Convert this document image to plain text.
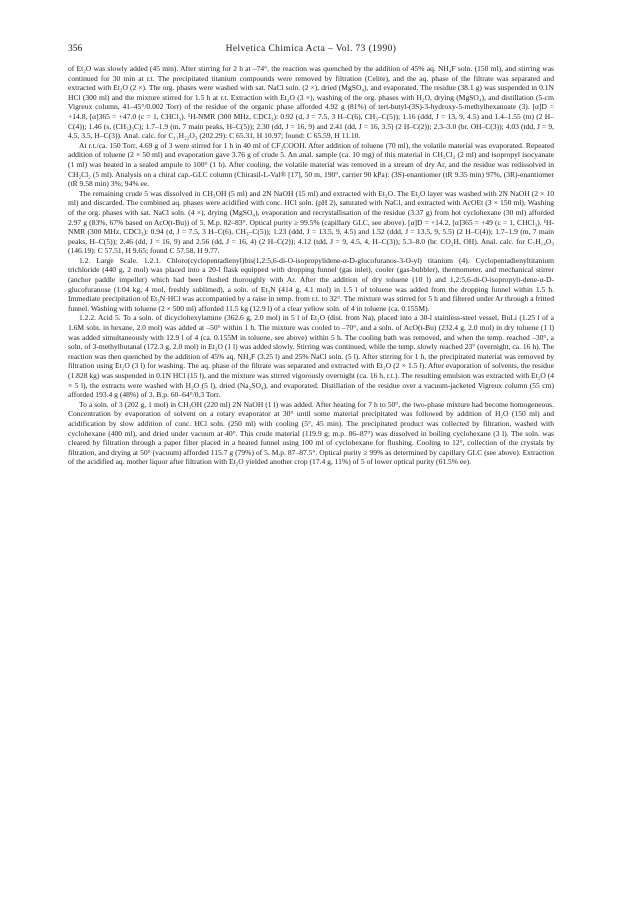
356	Helvetica Chimica Acta – Vol. 73 (1990)

of Et₂O was slowly added (45 min). After stirring for 2 h at –74°, the reaction was quenched by the addition of 45% aq. NH₄F soln. (150 ml), and stirring was continued for 30 min at r.t. The precipitated titanium compounds were removed by filtration (Celite), and the aq. phase of the filtrate was separated and extracted with Et₂O (2 ×). The org. phases were washed with sat. NaCl soln. (2 ×), dried (MgSO₄), and evaporated. The residue (38.1 g) was suspended in 0.1N HCl (300 ml) and the mixture stirred for 1.5 h at r.t. Extraction with Et₂O (3 ×), washing of the org. phases with H₂O, drying (MgSO₄), and distillation (5-cm Vigreux column, 41–45°/0.002 Torr) of the residue of the organic phase afforded 4.92 g (81%) of tert-butyl-(3S)-3-hydroxy-5-methylhexanoate (3). [α]D = +14.8, [α]365 = +47.0 (c = 1, CHCl₃). ¹H-NMR (300 MHz, CDCl₃): 0.92 (d, J = 7.5, 3 H–C(6), CH₃–C(5)); 1.16 (ddd, J = 13, 9, 4.5) and 1.4–1.55 (m) (2 H–C(4)); 1.46 (s, (CH₃)₃C); 1.7–1.9 (m, 7 main peaks, H–C(5)); 2.30 (dd, J = 16, 9) and 2.41 (dd, J = 16, 3.5) (2 H–C(2)); 2.3–3.0 (br. OH–C(3)); 4.03 (tdd, J = 9, 4.5, 3.5, H–C(3)). Anal. calc. for C₁₁H₂₂O₃ (202.29): C 65.31, H 10.97; found: C 65.59, H 11.10.

At r.t./ca. 150 Torr, 4.69 g of 3 were stirred for 1 h in 40 ml of CF₃COOH. After addition of toluene (70 ml), the volatile material was evaporated. Repeated addition of toluene (2 × 50 ml) and evaporation gave 3.76 g of crude 5. An anal. sample (ca. 10 mg) of this material in CH₂Cl₂ (2 ml) and isopropyl isocyanate (1 ml) was heated in a sealed ampule to 100° (1 h). After cooling, the volatile material was removed in a stream of dry Ar, and the residue was redissolved in CH₂Cl₂ (5 ml). Analysis on a chiral cap.-GLC column (Chirasil-L-Val® [17], 50 m, 190°, carrier 90 kPa): (3S)-enantiomer (tR 9.35 min) 97%, (3R)-enantiomer (tR 9.58 min) 3%; 94% ee.

The remaining crude 5 was dissolved in CH₃OH (5 ml) and 2N NaOH (15 ml) and extracted with Et₂O. The Et₂O layer was washed with 2N NaOH (2 × 10 ml) and discarded. The combined aq. phases were acidified with conc. HCl soln. (pH 2), saturated with NaCl, and extracted with AcOEt (3 × 150 ml). Washing of the org. phases with sat. NaCl soln. (4 ×), drying (MgSO₄), evaporation and recrystallisation of the residue (3.37 g) from hot cyclohexane (30 ml) afforded 2.97 g (83%, 67% based on AcO(t-Bu)) of 5. M.p. 82–83°. Optical purity ≥ 99.5% (capillary GLC, see above). [α]D = +14.2, [α]365 = +49 (c = 1, CHCl₃). ¹H-NMR (300 MHz, CDCl₃): 0.94 (d, J = 7.5, 3 H–C(6), CH₃–C(5)); 1.23 (ddd, J = 13.5, 9, 4.5) and 1.52 (ddd, J = 13.5, 9, 5.5) (2 H–C(4)); 1.7–1.9 (m, 7 main peaks, H–C(5)); 2.46 (dd, J = 16, 9) and 2.56 (dd, J = 16, 4) (2 H–C(2)); 4.12 (tdd, J = 9, 4.5, 4, H–C(3)); 5.3–8.0 (br. CO₂H, OH). Anal. calc. for C₇H₁₄O₃ (146.19): C 57.51, H 9.65; found C 57.58, H 9.77.

1.2. Large Scale. 1.2.1. Chloro(cyclopentadienyl)bis(1,2:5,6-di-O-isopropylidene-α-D-glucofuranos-3-O-yl) titanium (4). Cyclopentadienyltitanium trichloride (440 g, 2 mol) was placed into a 20-l flask equipped with dropping funnel (gas inlet), cooler (gas-bubbler), thermometer, and mechanical stirrer (anchor paddle impeller) which had been flushed thoroughly with Ar. After the addition of dry toluene (10 l) and 1,2:5,6-di-O-isopropyli-dene-α-D-glucofuranose (1.04 kg, 4 mol, freshly sublimed), a soln. of Et₃N (414 g, 4.1 mol) in 1.5 l of toluene was added from the dropping funnel within 1.5 h. Immediate precipitation of Et₃N·HCl was accompanied by a raise in temp. from r.t. to 32°. The mixture was stirred for 5 h and filtered under Ar through a fritted funnel. Washing with toluene (2 × 500 ml) afforded 11.5 kg (12.9 l) of a clear yellow soln. of 4 in toluene (ca. 0.155M).

1.2.2. Acid 5. To a soln. of dicyclohexylamine (362.6 g, 2.0 mol) in 5 l of Et₂O (dist. from Na), placed into a 30-l stainless-steel vessel, BuLi (1.25 l of a 1.6M soln. in hexane, 2.0 mol) was added at –50° within 1 h. The mixture was cooled to –70°, and a soln. of AcO(t-Bu) (232.4 g, 2.0 mol) in dry toluene (1 l) was added simultaneously with 12.9 l of 4 (ca. 0.155M in toluene, see above) within 5 h. The cooling bath was removed, and when the temp. reached –30°, a soln. of 3-methylbutanal (172.3 g, 2.0 mol) in Et₂O (1 l) was added slowly. Stirring was continued, while the temp. slowly reached 23° (overnight, ca. 16 h). The reaction was then quenched by the addition of 45% aq. NH₄F (3.25 l) and 25% NaCl soln. (5 l). After stirring for 1 h, the precipitated material was removed by filtration using Et₂O (3 l) for washing. The aq. phase of the filtrate was separated and extracted with Et₂O (2 × 1.5 l). After evaporation of solvents, the residue (1.828 kg) was suspended in 0.1N HCl (15 l), and the mixture was stirred vigorously overnight (ca. 16 h, r.t.). The resulting emulsion was extracted with Et₂O (4 × 5 l), the extracts were washed with H₂O (5 l), dried (Na₂SO₄), and evaporated. Distillation of the residue over a vacuum-jacketed Vigreux column (55 cm) afforded 193.4 g (48%) of 3. B.p. 60–64°/0.3 Torr.

To a soln. of 3 (202 g, 1 mol) in CH₃OH (220 ml) 2N NaOH (1 l) was added. After heating for 7 h to 50°, the two-phase mixture had become homogeneous. Concentration by evaporation of solvent on a rotary evaporator at 30° until some material precipitated was followed by addition of H₂O (150 ml) and acidification by slow addition of conc. HCl soln. (250 ml) with cooling (5°, 45 min). The precipitated product was collected by filtration, washed with cyclohexane (400 ml), and dried under vacuum at 40°. This crude material (119.9 g; m.p. 86–87°) was dissolved in boiling cyclohexane (3 l). The soln. was cleared by filtration through a paper filter placed in a heated funnel using 100 ml of cyclohexane for flushing. Cooling to 12°, collection of the crystals by filtration, and drying at 50° (vacuum) afforded 115.7 g (79%) of 5. M.p. 87–87.5°. Optical purity ≥ 99% as determined by capillary GLC (see above). Extraction of the acidified aq. mother liquor after filtration with Et₂O yielded another crop (17.4 g, 11%) of 5 of lower optical purity (61.5% ee).
